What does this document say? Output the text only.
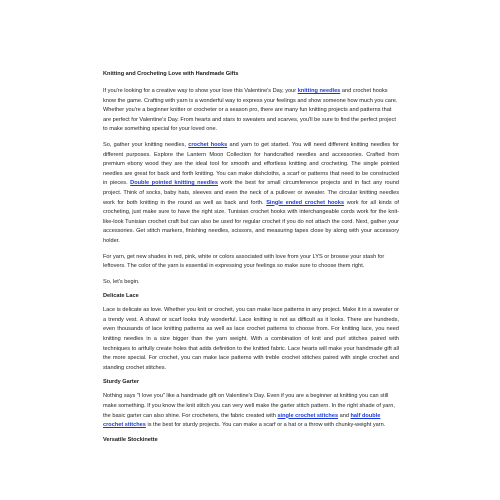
Knitting and Crocheting Love with Handmade Gifts

If you're looking for a creative way to show your love this Valentine's Day, your knitting needles and crochet hooks know the game. Crafting with yarn is a wonderful way to express your feelings and show someone how much you care. Whether you're a beginner knitter or crocheter or a season pro, there are many fun knitting projects and patterns that are perfect for Valentine's Day. From hearts and stars to sweaters and scarves, you'll be sure to find the perfect project to make something special for your loved one.

So, gather your knitting needles, crochet hooks and yarn to get started. You will need different knitting needles for different purposes. Explore the Lantern Moon Collection for handcrafted needles and accessories. Crafted from premium ebony wood they are the ideal tool for smooth and effortless knitting and crocheting. The single pointed needles are great for back and forth knitting. You can make dishcloths, a scarf or patterns that need to be constructed in pieces. Double pointed knitting needles work the best for small circumference projects and in fact any round project. Think of socks, baby hats, sleeves and even the neck of a pullover or sweater. The circular knitting needles work for both knitting in the round as well as back and forth. Single ended crochet hooks work for all kinds of crocheting, just make sure to have the right size. Tunisian crochet hooks with interchangeable cords work for the knit-like-look Tunisian crochet craft but can also be used for regular crochet if you do not attach the cord. Next, gather your accessories. Get stitch markers, finishing needles, scissors, and measuring tapes close by along with your accessory holder.

For yarn, get new shades in red, pink, white or colors associated with love from your LYS or browse your stash for leftovers. The color of the yarn is essential in expressing your feelings so make sure to choose them right.

So, let's begin.

Delicate Lace

Lace is delicate as love. Whether you knit or crochet, you can make lace patterns in any project. Make it in a sweater or a trendy vest. A shawl or scarf looks truly wonderful. Lace knitting is not as difficult as it looks. There are hundreds, even thousands of lace knitting patterns as well as lace crochet patterns to choose from. For knitting lace, you need knitting needles in a size bigger than the yarn weight. With a combination of knit and purl stitches paired with techniques to artfully create holes that adds definition to the knitted fabric. Lace hearts will make your handmade gift all the more special. For crochet, you can make lace patterns with treble crochet stitches paired with single crochet and standing crochet stitches.

Sturdy Garter

Nothing says "I love you" like a handmade gift on Valentine's Day. Even if you are a beginner at knitting you can still make something. If you know the knit stitch you can very well make the garter stitch pattern. In the right shade of yarn, the basic garter can also shine. For crocheters, the fabric created with single crochet stitches and half double crochet stitches is the best for sturdy projects. You can make a scarf or a hat or a throw with chunky-weight yarn.

Versatile Stockinette
